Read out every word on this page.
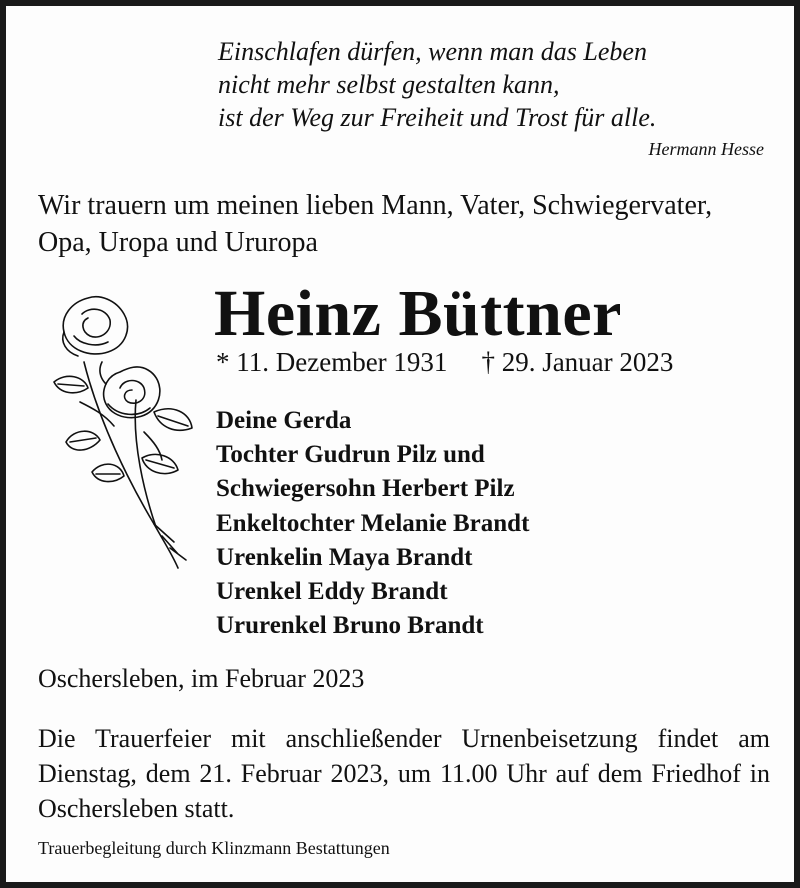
Einschlafen dürfen, wenn man das Leben
nicht mehr selbst gestalten kann,
ist der Weg zur Freiheit und Trost für alle.
Hermann Hesse
Wir trauern um meinen lieben Mann, Vater, Schwiegervater,
Opa, Uropa und Ururopa
Heinz Büttner
* 11. Dezember 1931 † 29. Januar 2023
Deine Gerda
Tochter Gudrun Pilz und
Schwiegersohn Herbert Pilz
Enkeltochter Melanie Brandt
Urenkelin Maya Brandt
Urenkel Eddy Brandt
Ururenkel Bruno Brandt
Oschersleben, im Februar 2023
Die Trauerfeier mit anschließender Urnenbeisetzung findet am Dienstag, dem 21. Februar 2023, um 11.00 Uhr auf dem Friedhof in Oschersleben statt.
Trauerbegleitung durch Klinzmann Bestattungen
